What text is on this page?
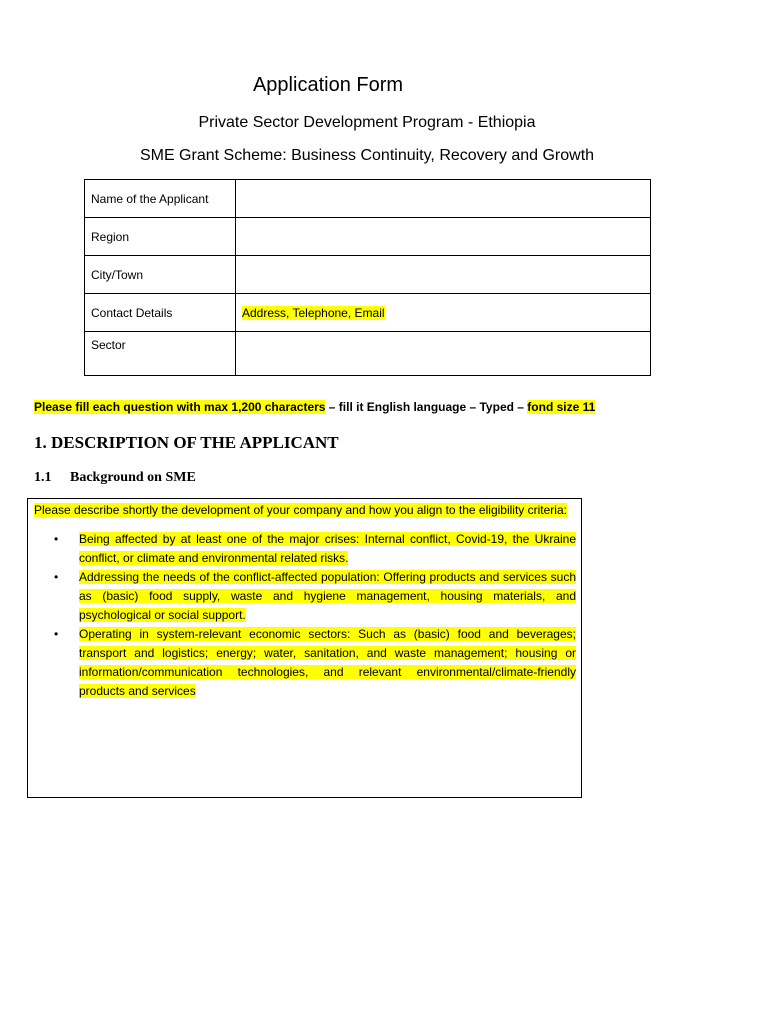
Application Form
Private Sector Development Program - Ethiopia
SME Grant Scheme: Business Continuity, Recovery and Growth
Name of the Applicant	
Region	
City/Town	
Contact Details	Address, Telephone, Email
Sector	
Please fill each question with max 1,200 characters – fill it English language – Typed – fond size 11
1. DESCRIPTION OF THE APPLICANT
1.1 Background on SME

Please describe shortly the development of your company and how you align to the eligibility criteria:

• Being affected by at least one of the major crises: Internal conflict, Covid-19, the Ukraine conflict, or climate and environmental related risks.
• Addressing the needs of the conflict-affected population: Offering products and services such as (basic) food supply, waste and hygiene management, housing materials, and psychological or social support.
• Operating in system-relevant economic sectors: Such as (basic) food and beverages; transport and logistics; energy; water, sanitation, and waste management; housing or information/communication technologies, and relevant environmental/climate-friendly products and services
